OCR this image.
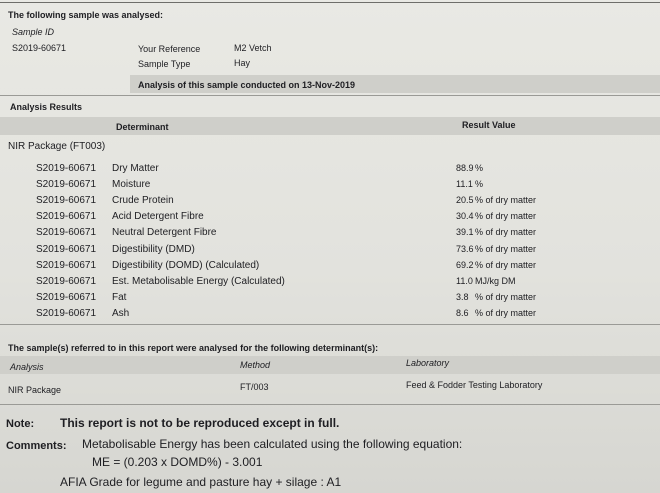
The following sample was analysed:
Sample ID
S2019-60671	Your Reference	M2 Vetch
Sample Type	Hay
Analysis of this sample conducted on 13-Nov-2019
Analysis Results
Determinant	Result Value
NIR Package (FT003)
S2019-60671 Dry Matter	88.9 %
S2019-60671 Moisture	11.1 %
S2019-60671 Crude Protein	20.5 % of dry matter
S2019-60671 Acid Detergent Fibre	30.4 % of dry matter
S2019-60671 Neutral Detergent Fibre	39.1 % of dry matter
S2019-60671 Digestibility (DMD)	73.6 % of dry matter
S2019-60671 Digestibility (DOMD) (Calculated)	69.2 % of dry matter
S2019-60671 Est. Metabolisable Energy (Calculated)	11.0 MJ/kg DM
S2019-60671 Fat	3.8 % of dry matter
S2019-60671 Ash	8.6 % of dry matter
The sample(s) referred to in this report were analysed for the following determinant(s):
Analysis	Method	Laboratory
NIR Package	FT/003	Feed & Fodder Testing Laboratory
Note: This report is not to be reproduced except in full.
Comments: Metabolisable Energy has been calculated using the following equation:
ME = (0.203 x DOMD%) - 3.001
AFIA Grade for legume and pasture hay + silage : A1
